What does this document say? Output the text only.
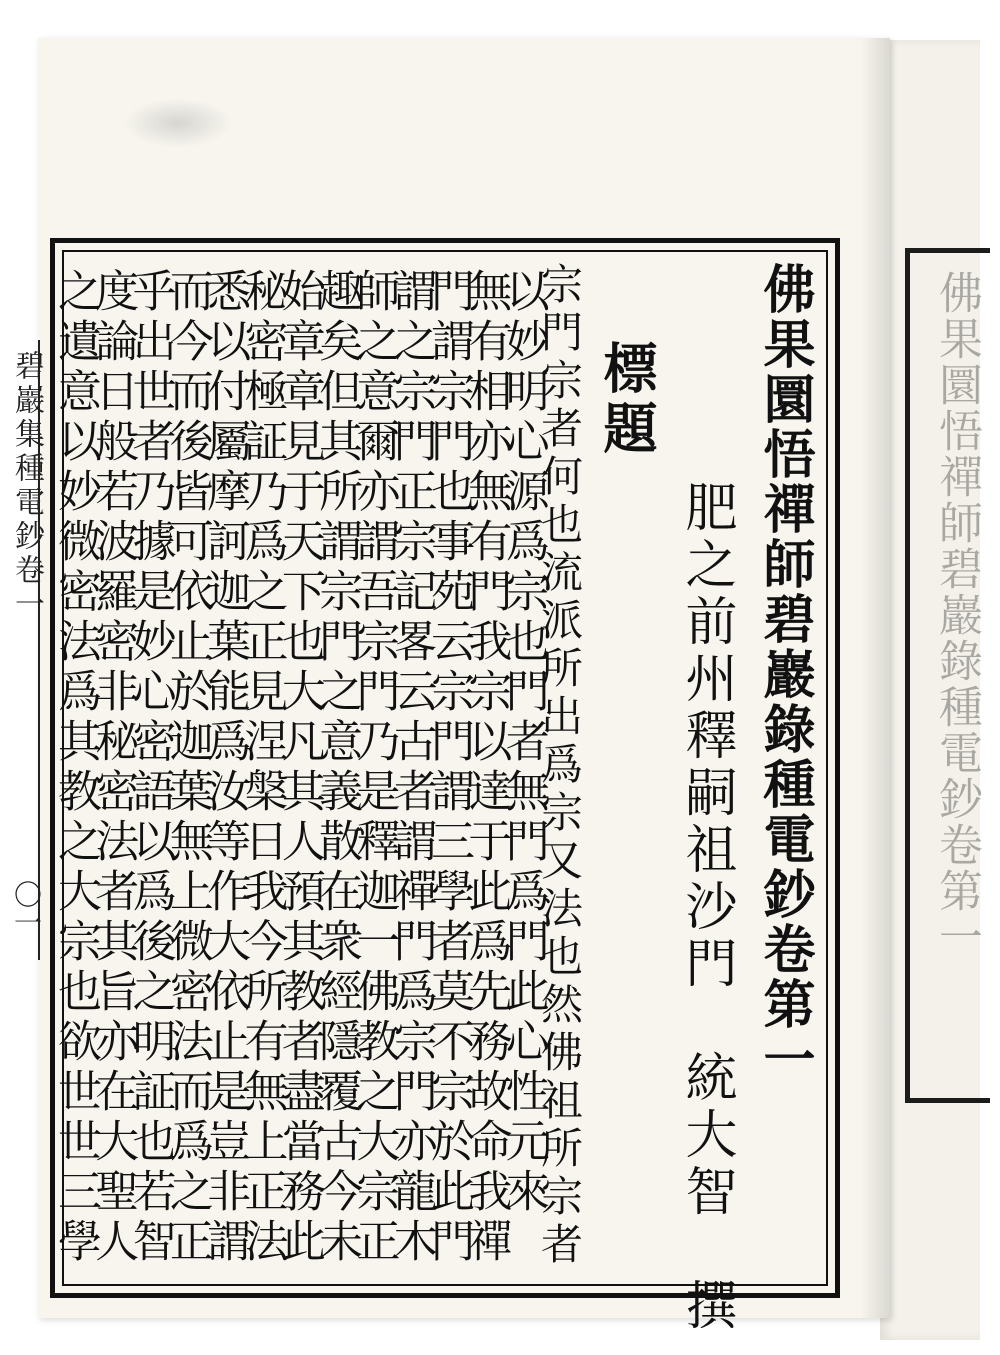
佛果圜悟禪師碧巖錄種電鈔卷第一
碧巖集種電鈔卷一
〇一	佛果圜悟禪師碧巖錄種電鈔卷第一
肥之前州釋嗣祖沙門　統大智　撰
標題
宗門宗者何也流派所出爲宗又法也然佛祖所宗者
以妙明心源爲宗也門者無門爲門此心性元來
無有相亦無有門我宗以達于此爲先務故命我禪
門謂宗門也事苑云宗門謂三學者莫不宗於此門
謂之宗門正宗記畧云古者謂禪門爲宗門亦龍木
師之意爾亦謂吾宗門乃是釋迦一佛教之大宗正
趣矣但其所謂宗門之意義散在衆經隱覆古今未
始章章見于天下也大凡其人預其教者盡當務此
秘密極証乃爲之正見涅槃日我今所有無上正法
悉以付屬摩訶迦葉能爲汝等作大依止是豈非謂
而今而後皆可依止於迦葉無上微密法而爲之正
乎出世者乃據是妙心密語以爲後之明証也若智
度論日般若波羅密非秘密法者其旨亦在大聖人
之遺意以妙微密法爲其教之大宗也欲世世三學
